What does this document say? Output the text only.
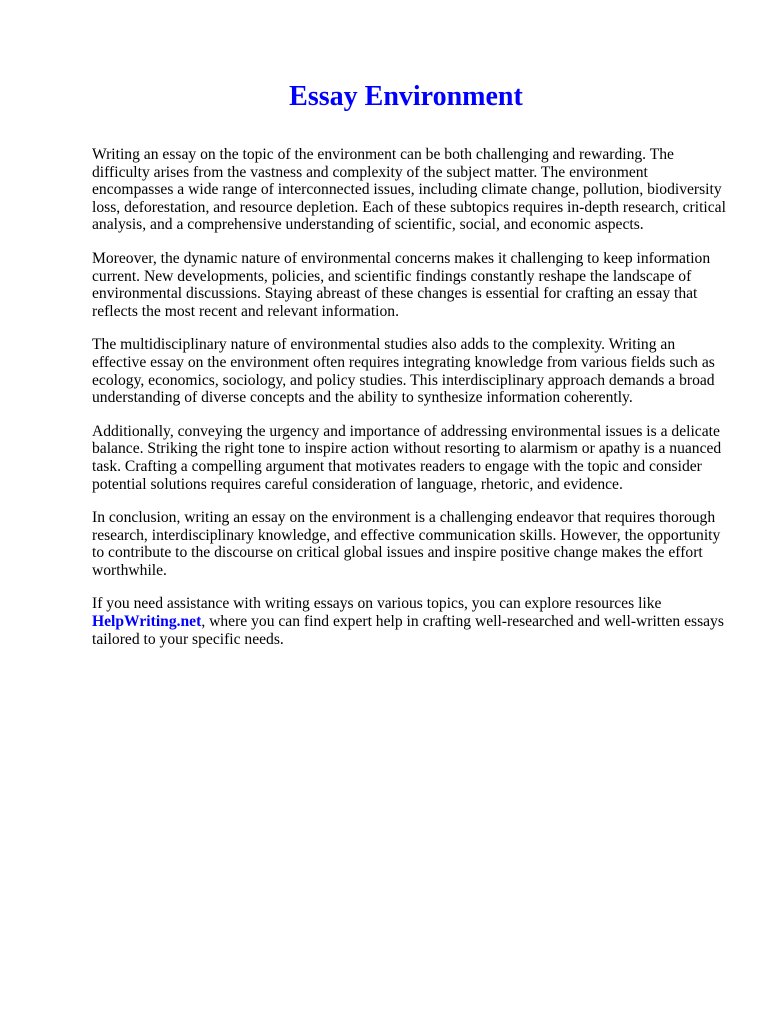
Essay Environment

Writing an essay on the topic of the environment can be both challenging and rewarding. The
difficulty arises from the vastness and complexity of the subject matter. The environment
encompasses a wide range of interconnected issues, including climate change, pollution, biodiversity
loss, deforestation, and resource depletion. Each of these subtopics requires in-depth research, critical
analysis, and a comprehensive understanding of scientific, social, and economic aspects.

Moreover, the dynamic nature of environmental concerns makes it challenging to keep information
current. New developments, policies, and scientific findings constantly reshape the landscape of
environmental discussions. Staying abreast of these changes is essential for crafting an essay that
reflects the most recent and relevant information.

The multidisciplinary nature of environmental studies also adds to the complexity. Writing an
effective essay on the environment often requires integrating knowledge from various fields such as
ecology, economics, sociology, and policy studies. This interdisciplinary approach demands a broad
understanding of diverse concepts and the ability to synthesize information coherently.

Additionally, conveying the urgency and importance of addressing environmental issues is a delicate
balance. Striking the right tone to inspire action without resorting to alarmism or apathy is a nuanced
task. Crafting a compelling argument that motivates readers to engage with the topic and consider
potential solutions requires careful consideration of language, rhetoric, and evidence.

In conclusion, writing an essay on the environment is a challenging endeavor that requires thorough
research, interdisciplinary knowledge, and effective communication skills. However, the opportunity
to contribute to the discourse on critical global issues and inspire positive change makes the effort
worthwhile.

If you need assistance with writing essays on various topics, you can explore resources like
HelpWriting.net, where you can find expert help in crafting well-researched and well-written essays
tailored to your specific needs.
